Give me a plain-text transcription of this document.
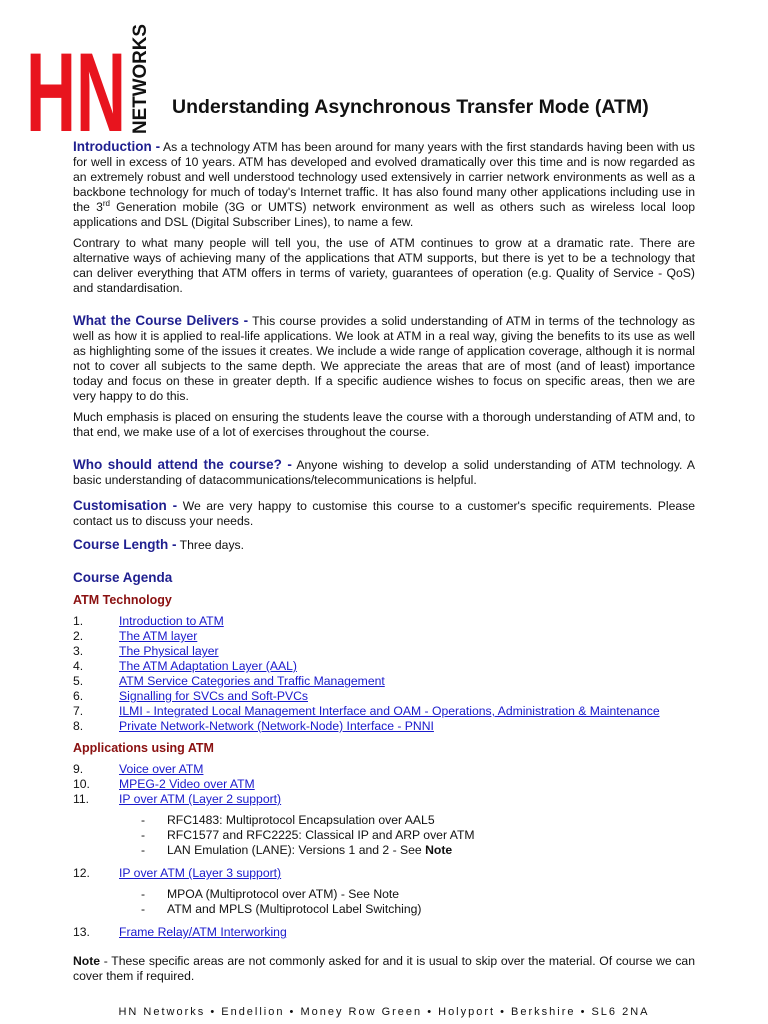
HN NETWORKS Understanding Asynchronous Transfer Mode (ATM)

Introduction - As a technology ATM has been around for many years with the first standards having been with us for well in excess of 10 years. ATM has developed and evolved dramatically over this time and is now regarded as an extremely robust and well understood technology used extensively in carrier network environments as well as a backbone technology for much of today's Internet traffic. It has also found many other applications including use in the 3rd Generation mobile (3G or UMTS) network environment as well as others such as wireless local loop applications and DSL (Digital Subscriber Lines), to name a few.

Contrary to what many people will tell you, the use of ATM continues to grow at a dramatic rate. There are alternative ways of achieving many of the applications that ATM supports, but there is yet to be a technology that can deliver everything that ATM offers in terms of variety, guarantees of operation (e.g. Quality of Service - QoS) and standardisation.

What the Course Delivers - This course provides a solid understanding of ATM in terms of the technology as well as how it is applied to real-life applications. We look at ATM in a real way, giving the benefits to its use as well as highlighting some of the issues it creates. We include a wide range of application coverage, although it is normal not to cover all subjects to the same depth. We appreciate the areas that are of most (and of least) importance today and focus on these in greater depth. If a specific audience wishes to focus on specific areas, then we are very happy to do this.

Much emphasis is placed on ensuring the students leave the course with a thorough understanding of ATM and, to that end, we make use of a lot of exercises throughout the course.

Who should attend the course? - Anyone wishing to develop a solid understanding of ATM technology. A basic understanding of datacommunications/telecommunications is helpful.

Customisation - We are very happy to customise this course to a customer's specific requirements. Please contact us to discuss your needs.

Course Length - Three days.

Course Agenda
ATM Technology
1.	Introduction to ATM
2.	The ATM layer
3.	The Physical layer
4.	The ATM Adaptation Layer (AAL)
5.	ATM Service Categories and Traffic Management
6.	Signalling for SVCs and Soft-PVCs
7.	ILMI - Integrated Local Management Interface and OAM - Operations, Administration & Maintenance
8.	Private Network-Network (Network-Node) Interface - PNNI
Applications using ATM
9.	Voice over ATM
10.	MPEG-2 Video over ATM
11.	IP over ATM (Layer 2 support)
-	RFC1483: Multiprotocol Encapsulation over AAL5
-	RFC1577 and RFC2225: Classical IP and ARP over ATM
-	LAN Emulation (LANE): Versions 1 and 2 - See Note
12.	IP over ATM (Layer 3 support)
-	MPOA (Multiprotocol over ATM) - See Note
-	ATM and MPLS (Multiprotocol Label Switching)
13.	Frame Relay/ATM Interworking

Note - These specific areas are not commonly asked for and it is usual to skip over the material. Of course we can cover them if required.

HN Networks • Endellion • Money Row Green • Holyport • Berkshire • SL6 2NA
